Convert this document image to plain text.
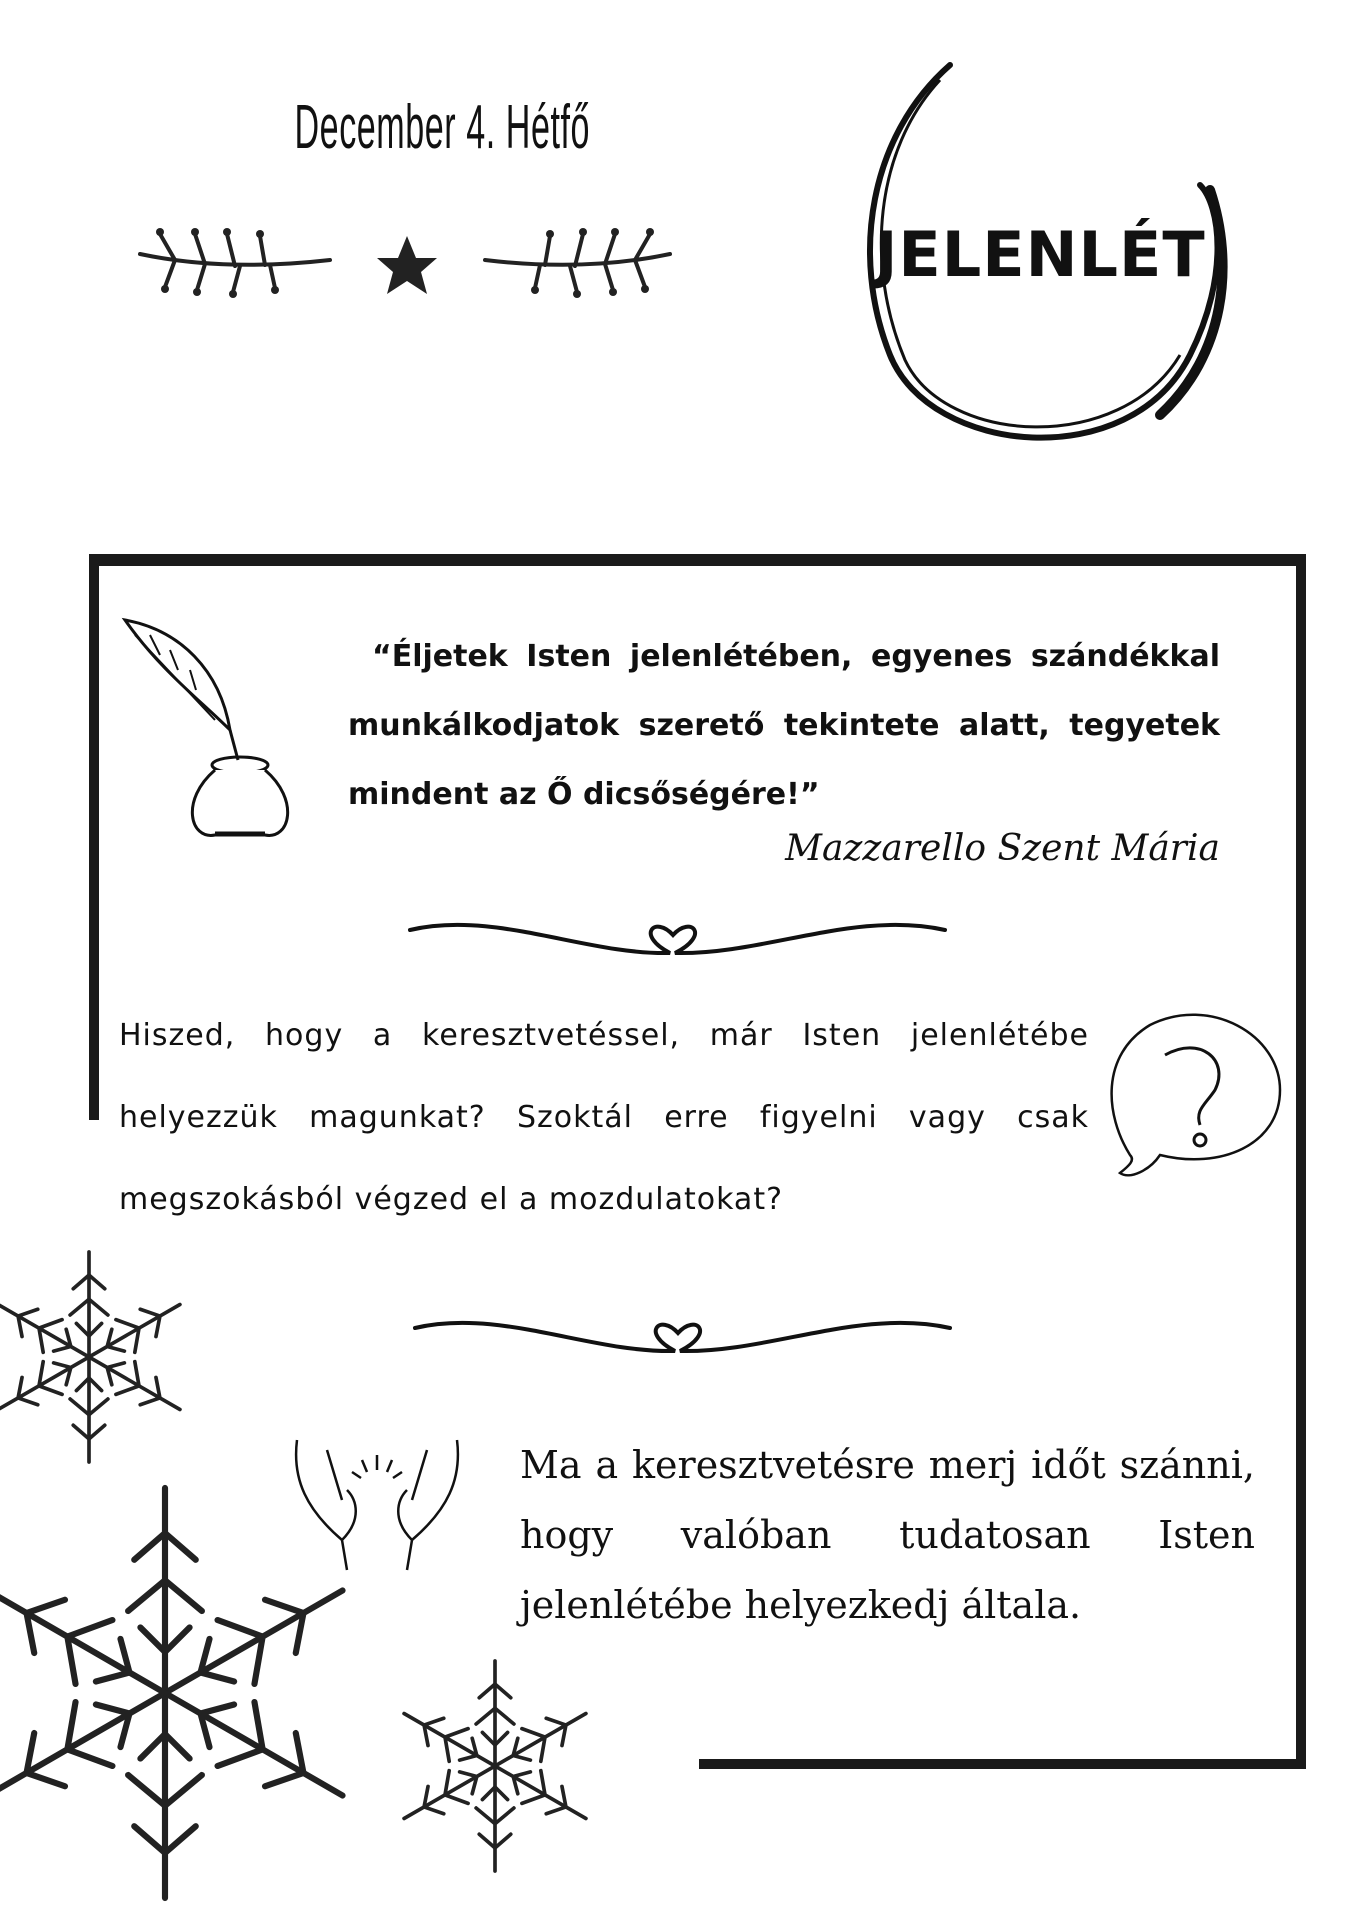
December 4. Hétfő
JELENLÉT
“Éljetek Isten jelenlétében, egyenes szándékkal munkálkodjatok szerető tekintete alatt, tegyetek mindent az Ő dicsőségére!”
Mazzarello Szent Mária
Hiszed, hogy a keresztvetéssel, már Isten jelenlétébe helyezzük magunkat? Szoktál erre figyelni vagy csak megszokásból végzed el a mozdulatokat?
Ma a keresztvetésre merj időt szánni, hogy valóban tudatosan Isten jelenlétébe helyezkedj általa.
